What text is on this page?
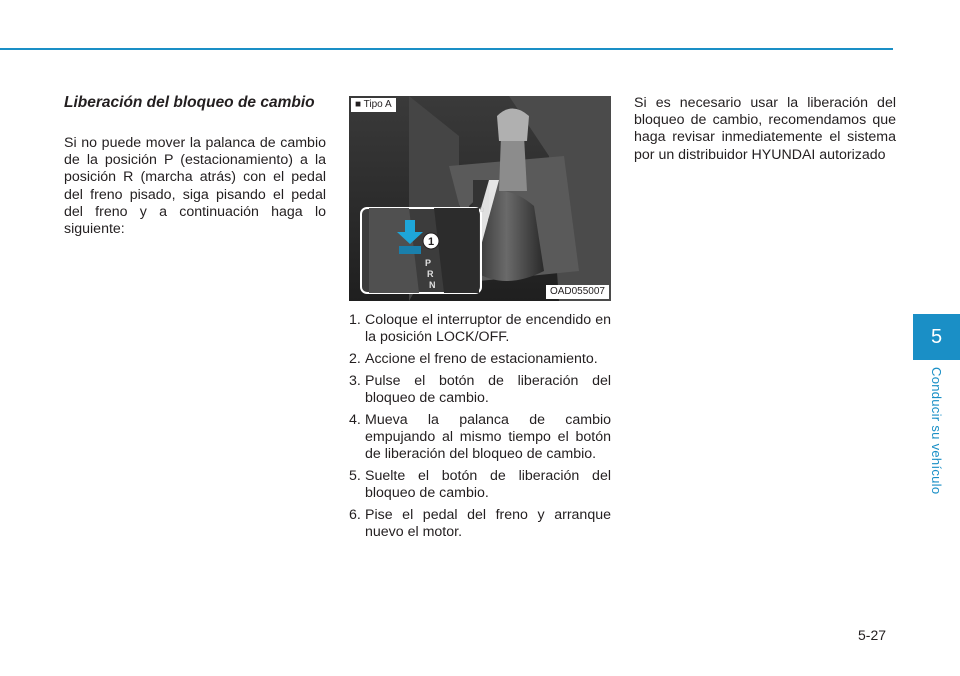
Liberación del bloqueo de cambio
Si no puede mover la palanca de cambio de la posición P (estacionamiento) a la posición R (marcha atrás) con el pedal del freno pisado, siga pisando el pedal del freno y a continuación haga lo siguiente:
1
P
R
N
D
■ Tipo A
OAD055007
1. Coloque el interruptor de encendido en la posición LOCK/OFF.
2. Accione el freno de estacionamiento.
3. Pulse el botón de liberación del bloqueo de cambio.
4. Mueva la palanca de cambio empujando al mismo tiempo el botón de liberación del bloqueo de cambio.
5. Suelte el botón de liberación del bloqueo de cambio.
6. Pise el pedal del freno y arranque nuevo el motor.
Si es necesario usar la liberación del bloqueo de cambio, recomendamos que haga revisar inmediatemente el sistema por un distribuidor HYUNDAI autorizado
5
Conducir su vehículo
5-27
